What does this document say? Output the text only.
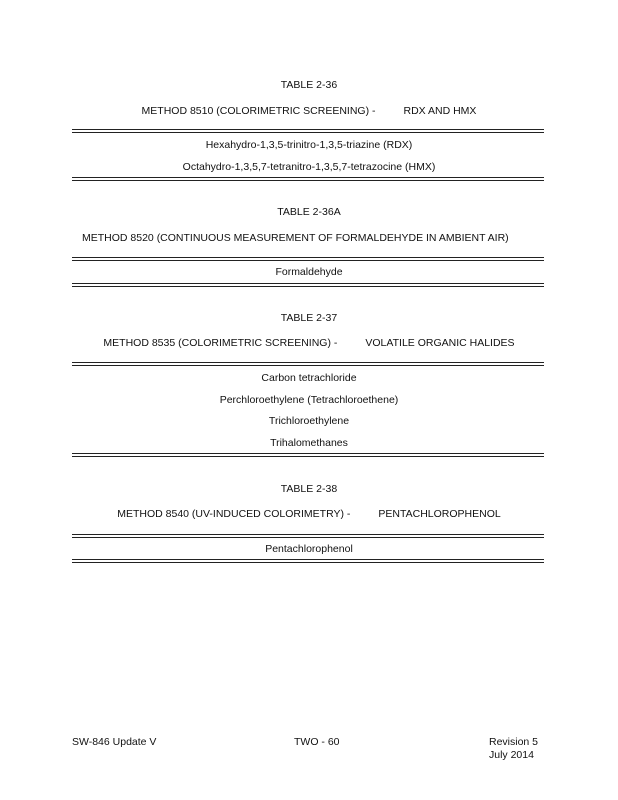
TABLE 2-36
METHOD 8510 (COLORIMETRIC SCREENING) -	RDX AND HMX
Hexahydro-1,3,5-trinitro-1,3,5-triazine (RDX)
Octahydro-1,3,5,7-tetranitro-1,3,5,7-tetrazocine (HMX)
TABLE 2-36A
METHOD 8520 (CONTINUOUS MEASUREMENT OF FORMALDEHYDE IN AMBIENT AIR)
Formaldehyde
TABLE 2-37
METHOD 8535 (COLORIMETRIC SCREENING) -	VOLATILE ORGANIC HALIDES
Carbon tetrachloride
Perchloroethylene (Tetrachloroethene)
Trichloroethylene
Trihalomethanes
TABLE 2-38
METHOD 8540 (UV-INDUCED COLORIMETRY) -	PENTACHLOROPHENOL
Pentachlorophenol
SW-846 Update V	TWO - 60	Revision 5
July 2014
